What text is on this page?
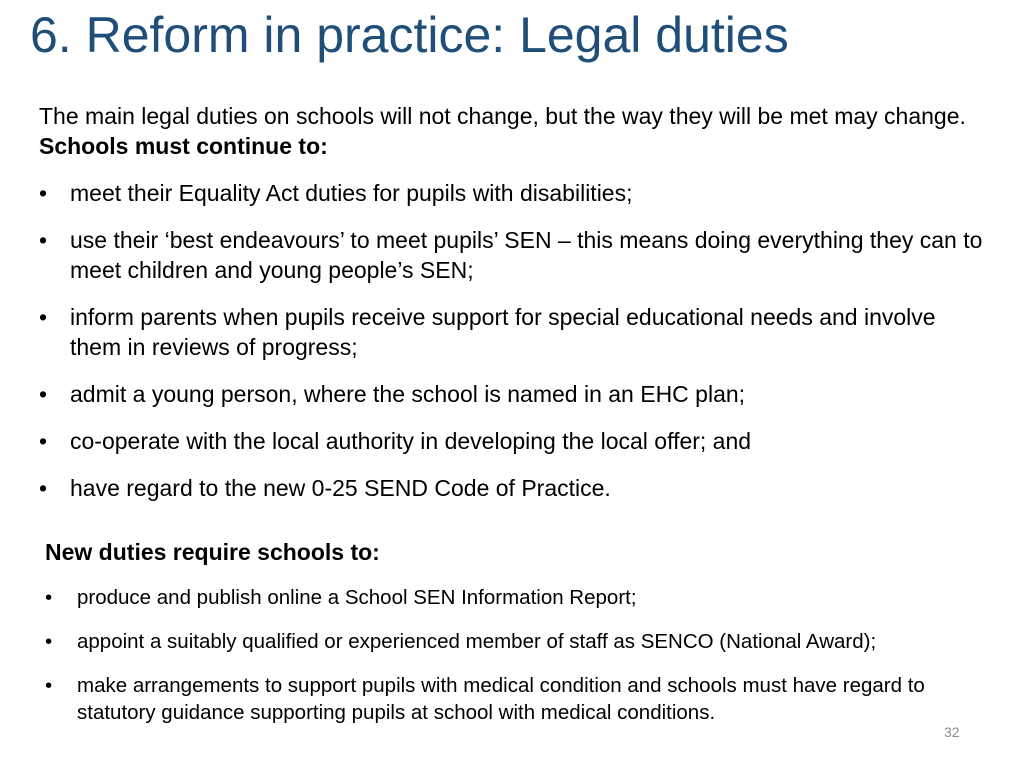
6. Reform in practice: Legal duties

The main legal duties on schools will not change, but the way they will be met may change. Schools must continue to:

• meet their Equality Act duties for pupils with disabilities;
• use their ‘best endeavours’ to meet pupils’ SEN – this means doing everything they can to meet children and young people’s SEN;
• inform parents when pupils receive support for special educational needs and involve them in reviews of progress;
• admit a young person, where the school is named in an EHC plan;
• co-operate with the local authority in developing the local offer; and
• have regard to the new 0-25 SEND Code of Practice.

New duties require schools to:

• produce and publish online a School SEN Information Report;
• appoint a suitably qualified or experienced member of staff as SENCO (National Award);
• make arrangements to support pupils with medical condition and schools must have regard to statutory guidance supporting pupils at school with medical conditions.
32
